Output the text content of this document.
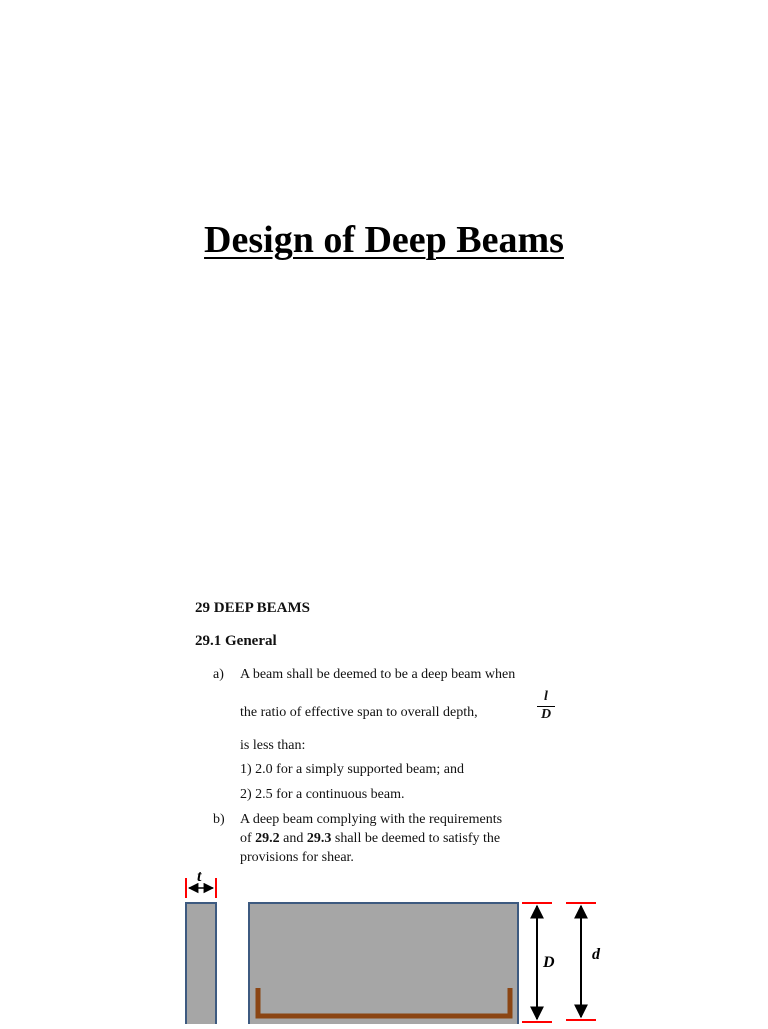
Design of Deep Beams
29 DEEP BEAMS
29.1 General
a) A beam shall be deemed to be a deep beam when
the ratio of effective span to overall depth,
l
D
is less than:
1) 2.0 for a simply supported beam; and
2) 2.5 for a continuous beam.
b) A deep beam complying with the requirements
of 29.2 and 29.3 shall be deemed to satisfy the
provisions for shear.
t
D d
